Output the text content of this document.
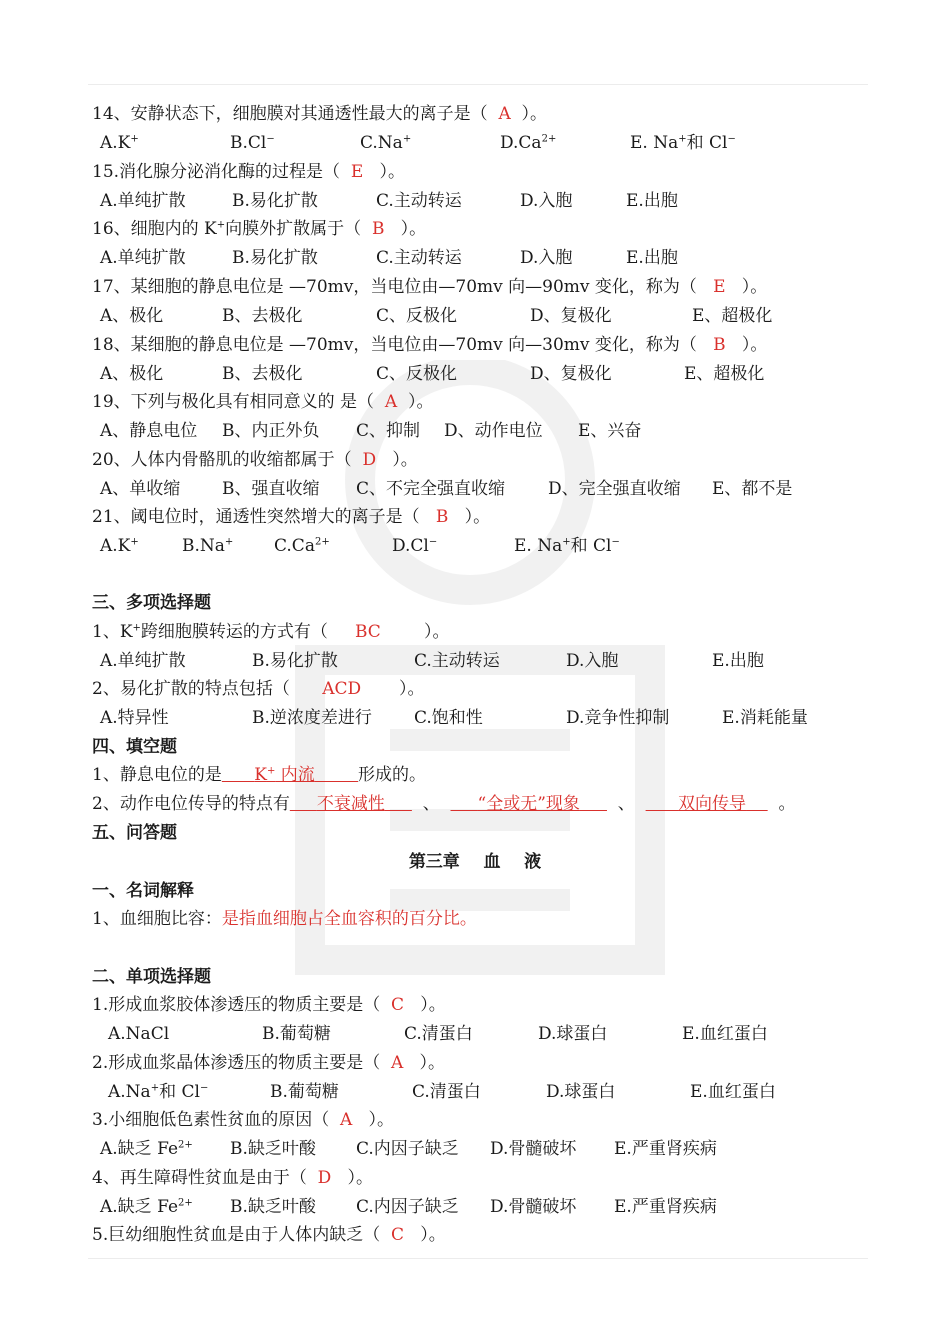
14、安静状态下，细胞膜对其通透性最大的离子是（ A ）。
A.K+	B.Cl−	C.Na+	$D.Ca^{2+}$	E. Na+和 Cl−
15.消化腺分泌消化酶的过程是（ E ）。
A.单纯扩散	B.易化扩散	C.主动转运	D.入胞	E.出胞
16、细胞内的 K+向膜外扩散属于（ B ）。
A.单纯扩散	B.易化扩散	C.主动转运	D.入胞	E.出胞
17、某细胞的静息电位是 —70mv，当电位由—70mv 向—90mv 变化，称为（ E ）。
A、极化	B、去极化	C、反极化	D、复极化	E、超极化
18、某细胞的静息电位是 —70mv，当电位由—70mv 向—30mv 变化，称为（ B ）。
A、极化	B、去极化	C、反极化	D、复极化	E、超极化
19、下列与极化具有相同意义的 是（ A ）。
A、静息电位 B、内正外负 C、抑制 D、动作电位 E、兴奋
20、人体内骨骼肌的收缩都属于（ D ）。
A、单收缩 B、强直收缩 C、不完全强直收缩	D、完全强直收缩 E、都不是
21、阈电位时，通透性突然增大的离子是（ B ）。
A.K+	B.Na+ $C.Ca^{2+}$	D.Cl−	E. Na+和 Cl−
三、多项选择题
1、K+跨细胞膜转运的方式有（ BC	）。
A.单纯扩散	B.易化扩散	C.主动转运	D.入胞	E.出胞
2、易化扩散的特点包括（ ACD ）。
A.特异性	B.逆浓度差进行 C.饱和性	D.竞争性抑制	E.消耗能量
四、填空题
1、静息电位的是 K+ 内流	形成的。
2、动作电位传导的特点有 不衰减性 、 “全或无”现象 、	双向传导 。
五、问答题
第三章    血    液
一、名词解释
1、血细胞比容：是指血细胞占全血容积的百分比。
二、单项选择题
1.形成血浆胶体渗透压的物质主要是（ C ）。
A.NaCl	B.葡萄糖	C.清蛋白	D.球蛋白	E.血红蛋白
2.形成血浆晶体渗透压的物质主要是（ A ）。
A.Na+和 Cl−	B.葡萄糖	C.清蛋白	D.球蛋白	E.血红蛋白
3.小细胞低色素性贫血的原因（ A ）。
A.缺乏 $Fe^{2+}$ B.缺乏叶酸 C.内因子缺乏 D.骨髓破坏 E.严重肾疾病
4、再生障碍性贫血是由于（ D ）。
A.缺乏 $Fe^{2+}$ B.缺乏叶酸 C.内因子缺乏 D.骨髓破坏 E.严重肾疾病
5.巨幼细胞性贫血是由于人体内缺乏（ C ）。
